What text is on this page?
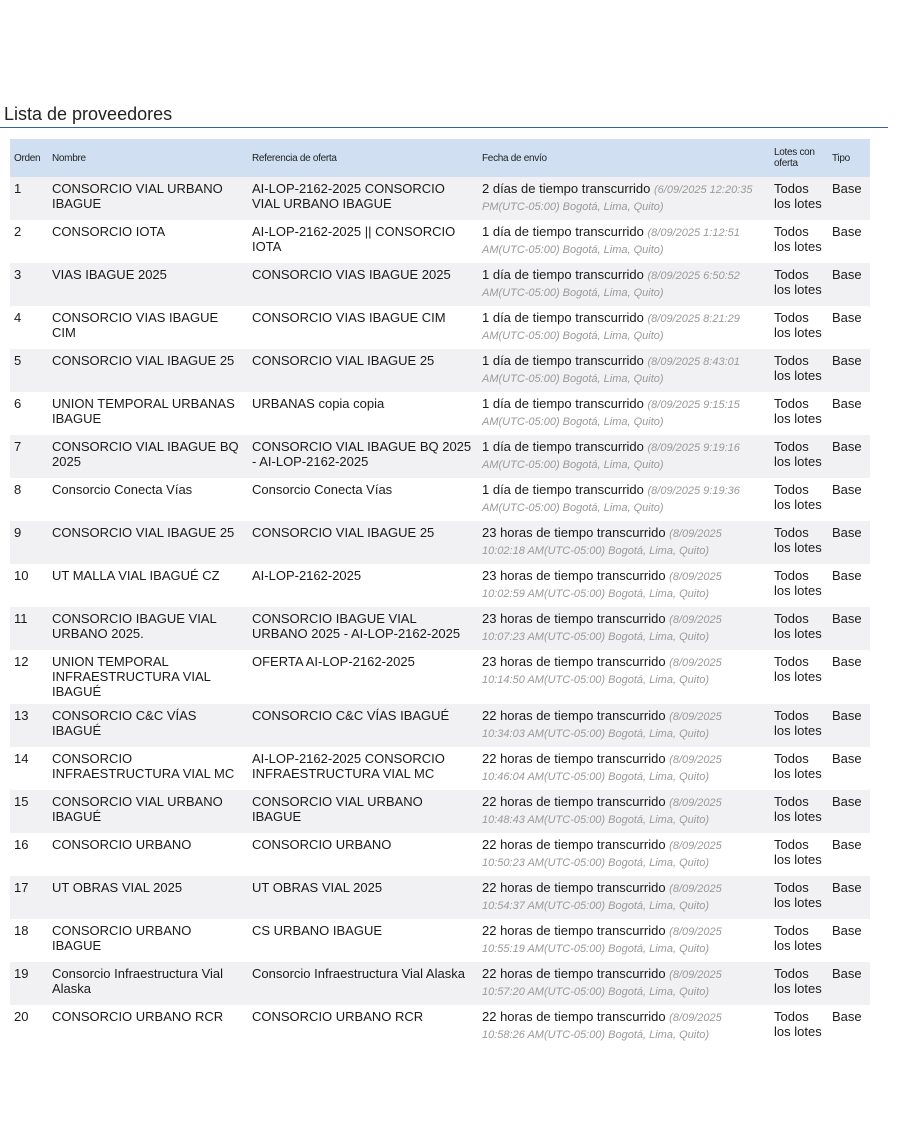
Lista de proveedores
Orden	Nombre	Referencia de oferta	Fecha de envío	Lotes con oferta	Tipo
1	CONSORCIO VIAL URBANO IBAGUE	AI-LOP-2162-2025 CONSORCIO VIAL URBANO IBAGUE	2 días de tiempo transcurrido (6/09/2025 12:20:35 PM(UTC-05:00) Bogotá, Lima, Quito)	Todos los lotes	Base
2	CONSORCIO IOTA	AI-LOP-2162-2025 || CONSORCIO IOTA	1 día de tiempo transcurrido (8/09/2025 1:12:51 AM(UTC-05:00) Bogotá, Lima, Quito)	Todos los lotes	Base
3	VIAS IBAGUE 2025	CONSORCIO VIAS IBAGUE 2025	1 día de tiempo transcurrido (8/09/2025 6:50:52 AM(UTC-05:00) Bogotá, Lima, Quito)	Todos los lotes	Base
4	CONSORCIO VIAS IBAGUE CIM	CONSORCIO VIAS IBAGUE CIM	1 día de tiempo transcurrido (8/09/2025 8:21:29 AM(UTC-05:00) Bogotá, Lima, Quito)	Todos los lotes	Base
5	CONSORCIO VIAL IBAGUE 25	CONSORCIO VIAL IBAGUE 25	1 día de tiempo transcurrido (8/09/2025 8:43:01 AM(UTC-05:00) Bogotá, Lima, Quito)	Todos los lotes	Base
6	UNION TEMPORAL URBANAS IBAGUE	URBANAS copia copia	1 día de tiempo transcurrido (8/09/2025 9:15:15 AM(UTC-05:00) Bogotá, Lima, Quito)	Todos los lotes	Base
7	CONSORCIO VIAL IBAGUE BQ 2025	CONSORCIO VIAL IBAGUE BQ 2025 - AI-LOP-2162-2025	1 día de tiempo transcurrido (8/09/2025 9:19:16 AM(UTC-05:00) Bogotá, Lima, Quito)	Todos los lotes	Base
8	Consorcio Conecta Vías	Consorcio Conecta Vías	1 día de tiempo transcurrido (8/09/2025 9:19:36 AM(UTC-05:00) Bogotá, Lima, Quito)	Todos los lotes	Base
9	CONSORCIO VIAL IBAGUE 25	CONSORCIO VIAL IBAGUE 25	23 horas de tiempo transcurrido (8/09/2025 10:02:18 AM(UTC-05:00) Bogotá, Lima, Quito)	Todos los lotes	Base
10	UT MALLA VIAL IBAGUÉ CZ	AI-LOP-2162-2025	23 horas de tiempo transcurrido (8/09/2025 10:02:59 AM(UTC-05:00) Bogotá, Lima, Quito)	Todos los lotes	Base
11	CONSORCIO IBAGUE VIAL URBANO 2025.	CONSORCIO IBAGUE VIAL URBANO 2025 - AI-LOP-2162-2025	23 horas de tiempo transcurrido (8/09/2025 10:07:23 AM(UTC-05:00) Bogotá, Lima, Quito)	Todos los lotes	Base
12	UNION TEMPORAL INFRAESTRUCTURA VIAL IBAGUÉ	OFERTA AI-LOP-2162-2025	23 horas de tiempo transcurrido (8/09/2025 10:14:50 AM(UTC-05:00) Bogotá, Lima, Quito)	Todos los lotes	Base
13	CONSORCIO C&C VÍAS IBAGUÉ	CONSORCIO C&C VÍAS IBAGUÉ	22 horas de tiempo transcurrido (8/09/2025 10:34:03 AM(UTC-05:00) Bogotá, Lima, Quito)	Todos los lotes	Base
14	CONSORCIO INFRAESTRUCTURA VIAL MC	AI-LOP-2162-2025 CONSORCIO INFRAESTRUCTURA VIAL MC	22 horas de tiempo transcurrido (8/09/2025 10:46:04 AM(UTC-05:00) Bogotá, Lima, Quito)	Todos los lotes	Base
15	CONSORCIO VIAL URBANO IBAGUÉ	CONSORCIO VIAL URBANO IBAGUE	22 horas de tiempo transcurrido (8/09/2025 10:48:43 AM(UTC-05:00) Bogotá, Lima, Quito)	Todos los lotes	Base
16	CONSORCIO URBANO	CONSORCIO URBANO	22 horas de tiempo transcurrido (8/09/2025 10:50:23 AM(UTC-05:00) Bogotá, Lima, Quito)	Todos los lotes	Base
17	UT OBRAS VIAL 2025	UT OBRAS VIAL 2025	22 horas de tiempo transcurrido (8/09/2025 10:54:37 AM(UTC-05:00) Bogotá, Lima, Quito)	Todos los lotes	Base
18	CONSORCIO URBANO IBAGUE	CS URBANO IBAGUE	22 horas de tiempo transcurrido (8/09/2025 10:55:19 AM(UTC-05:00) Bogotá, Lima, Quito)	Todos los lotes	Base
19	Consorcio Infraestructura Vial Alaska	Consorcio Infraestructura Vial Alaska	22 horas de tiempo transcurrido (8/09/2025 10:57:20 AM(UTC-05:00) Bogotá, Lima, Quito)	Todos los lotes	Base
20	CONSORCIO URBANO RCR	CONSORCIO URBANO RCR	22 horas de tiempo transcurrido (8/09/2025 10:58:26 AM(UTC-05:00) Bogotá, Lima, Quito)	Todos los lotes	Base
